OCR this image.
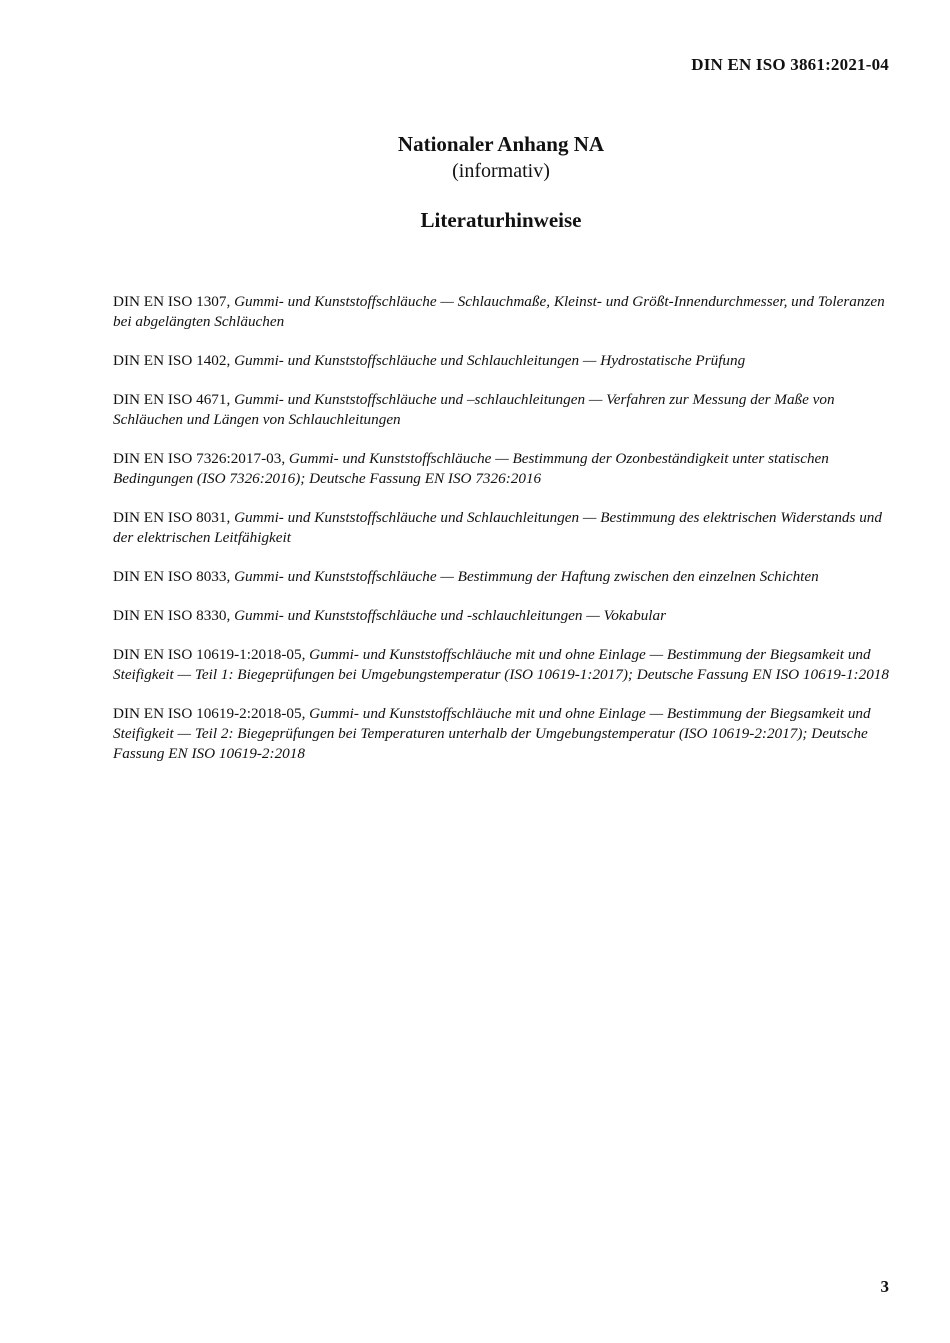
DIN EN ISO 3861:2021-04
Nationaler Anhang NA
(informativ)
Literaturhinweise

DIN EN ISO 1307, Gummi- und Kunststoffschläuche — Schlauchmaße, Kleinst- und Größt-Innendurchmesser, und Toleranzen bei abgelängten Schläuchen

DIN EN ISO 1402, Gummi- und Kunststoffschläuche und Schlauchleitungen — Hydrostatische Prüfung

DIN EN ISO 4671, Gummi- und Kunststoffschläuche und –schlauchleitungen — Verfahren zur Messung der Maße von Schläuchen und Längen von Schlauchleitungen

DIN EN ISO 7326:2017-03, Gummi- und Kunststoffschläuche — Bestimmung der Ozonbeständigkeit unter statischen Bedingungen (ISO 7326:2016); Deutsche Fassung EN ISO 7326:2016

DIN EN ISO 8031, Gummi- und Kunststoffschläuche und Schlauchleitungen — Bestimmung des elektrischen Widerstands und der elektrischen Leitfähigkeit

DIN EN ISO 8033, Gummi- und Kunststoffschläuche — Bestimmung der Haftung zwischen den einzelnen Schichten

DIN EN ISO 8330, Gummi- und Kunststoffschläuche und -schlauchleitungen — Vokabular

DIN EN ISO 10619-1:2018-05, Gummi- und Kunststoffschläuche mit und ohne Einlage — Bestimmung der Biegsamkeit und Steifigkeit — Teil 1: Biegeprüfungen bei Umgebungstemperatur (ISO 10619-1:2017); Deutsche Fassung EN ISO 10619-1:2018

DIN EN ISO 10619-2:2018-05, Gummi- und Kunststoffschläuche mit und ohne Einlage — Bestimmung der Biegsamkeit und Steifigkeit — Teil 2: Biegeprüfungen bei Temperaturen unterhalb der Umgebungstemperatur (ISO 10619-2:2017); Deutsche Fassung EN ISO 10619-2:2018

3
